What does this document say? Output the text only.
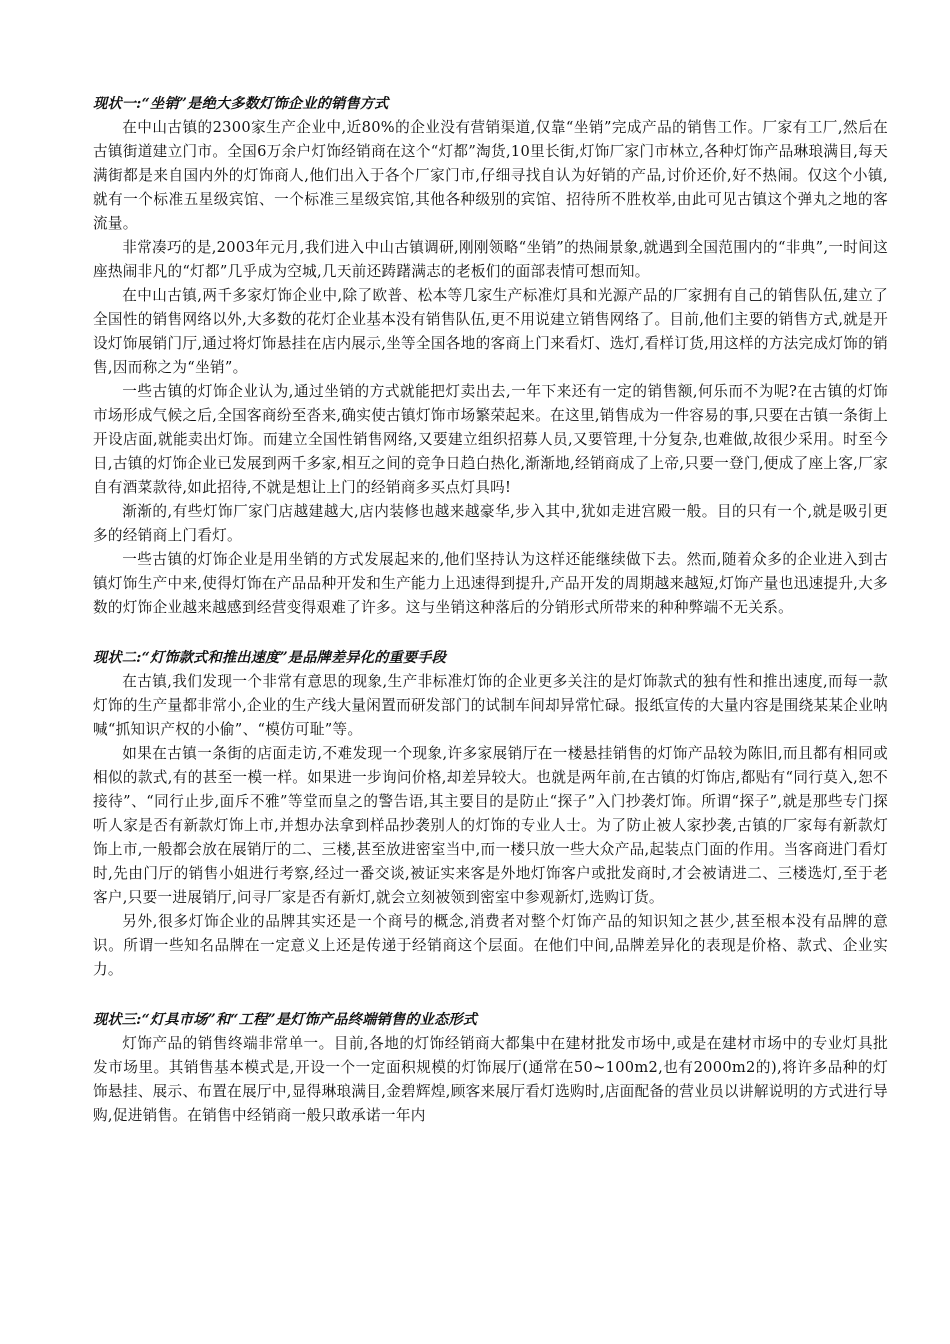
现状一:“坐销”是绝大多数灯饰企业的销售方式

在中山古镇的2300家生产企业中,近80%的企业没有营销渠道,仅靠“坐销”完成产品的销售工作。厂家有工厂,然后在古镇街道建立门市。全国6万余户灯饰经销商在这个“灯都”淘货,10里长街,灯饰厂家门市林立,各种灯饰产品琳琅满目,每天满街都是来自国内外的灯饰商人,他们出入于各个厂家门市,仔细寻找自认为好销的产品,讨价还价,好不热闹。仅这个小镇,就有一个标准五星级宾馆、一个标准三星级宾馆,其他各种级别的宾馆、招待所不胜枚举,由此可见古镇这个弹丸之地的客流量。

非常凑巧的是,2003年元月,我们进入中山古镇调研,刚刚领略“坐销”的热闹景象,就遇到全国范围内的“非典”,一时间这座热闹非凡的“灯都”几乎成为空城,几天前还踌躇满志的老板们的面部表情可想而知。

在中山古镇,两千多家灯饰企业中,除了欧普、松本等几家生产标准灯具和光源产品的厂家拥有自己的销售队伍,建立了全国性的销售网络以外,大多数的花灯企业基本没有销售队伍,更不用说建立销售网络了。目前,他们主要的销售方式,就是开设灯饰展销门厅,通过将灯饰悬挂在店内展示,坐等全国各地的客商上门来看灯、选灯,看样订货,用这样的方法完成灯饰的销售,因而称之为“坐销”。

一些古镇的灯饰企业认为,通过坐销的方式就能把灯卖出去,一年下来还有一定的销售额,何乐而不为呢?在古镇的灯饰市场形成气候之后,全国客商纷至沓来,确实使古镇灯饰市场繁荣起来。在这里,销售成为一件容易的事,只要在古镇一条街上开设店面,就能卖出灯饰。而建立全国性销售网络,又要建立组织招募人员,又要管理,十分复杂,也难做,故很少采用。时至今日,古镇的灯饰企业已发展到两千多家,相互之间的竞争日趋白热化,渐渐地,经销商成了上帝,只要一登门,便成了座上客,厂家自有酒菜款待,如此招待,不就是想让上门的经销商多买点灯具吗!

渐渐的,有些灯饰厂家门店越建越大,店内装修也越来越豪华,步入其中,犹如走进宫殿一般。目的只有一个,就是吸引更多的经销商上门看灯。

一些古镇的灯饰企业是用坐销的方式发展起来的,他们坚持认为这样还能继续做下去。然而,随着众多的企业进入到古镇灯饰生产中来,使得灯饰在产品品种开发和生产能力上迅速得到提升,产品开发的周期越来越短,灯饰产量也迅速提升,大多数的灯饰企业越来越感到经营变得艰难了许多。这与坐销这种落后的分销形式所带来的种种弊端不无关系。

现状二:“灯饰款式和推出速度”是品牌差异化的重要手段

在古镇,我们发现一个非常有意思的现象,生产非标准灯饰的企业更多关注的是灯饰款式的独有性和推出速度,而每一款灯饰的生产量都非常小,企业的生产线大量闲置而研发部门的试制车间却异常忙碌。报纸宣传的大量内容是围绕某某企业呐喊“抓知识产权的小偷”、“模仿可耻”等。

如果在古镇一条街的店面走访,不难发现一个现象,许多家展销厅在一楼悬挂销售的灯饰产品较为陈旧,而且都有相同或相似的款式,有的甚至一模一样。如果进一步询问价格,却差异较大。也就是两年前,在古镇的灯饰店,都贴有“同行莫入,恕不接待”、“同行止步,面斥不雅”等堂而皇之的警告语,其主要目的是防止“探子”入门抄袭灯饰。所谓“探子”,就是那些专门探听人家是否有新款灯饰上市,并想办法拿到样品抄袭别人的灯饰的专业人士。为了防止被人家抄袭,古镇的厂家每有新款灯饰上市,一般都会放在展销厅的二、三楼,甚至放进密室当中,而一楼只放一些大众产品,起装点门面的作用。当客商进门看灯时,先由门厅的销售小姐进行考察,经过一番交谈,被证实来客是外地灯饰客户或批发商时,才会被请进二、三楼选灯,至于老客户,只要一进展销厅,问寻厂家是否有新灯,就会立刻被领到密室中参观新灯,选购订货。

另外,很多灯饰企业的品牌其实还是一个商号的概念,消费者对整个灯饰产品的知识知之甚少,甚至根本没有品牌的意识。所谓一些知名品牌在一定意义上还是传递于经销商这个层面。在他们中间,品牌差异化的表现是价格、款式、企业实力。

现状三:“灯具市场”和“工程”是灯饰产品终端销售的业态形式

灯饰产品的销售终端非常单一。目前,各地的灯饰经销商大都集中在建材批发市场中,或是在建材市场中的专业灯具批发市场里。其销售基本模式是,开设一个一定面积规模的灯饰展厅(通常在50~100m2,也有2000m2的),将许多品种的灯饰悬挂、展示、布置在展厅中,显得琳琅满目,金碧辉煌,顾客来展厅看灯选购时,店面配备的营业员以讲解说明的方式进行导购,促进销售。在销售中经销商一般只敢承诺一年内
